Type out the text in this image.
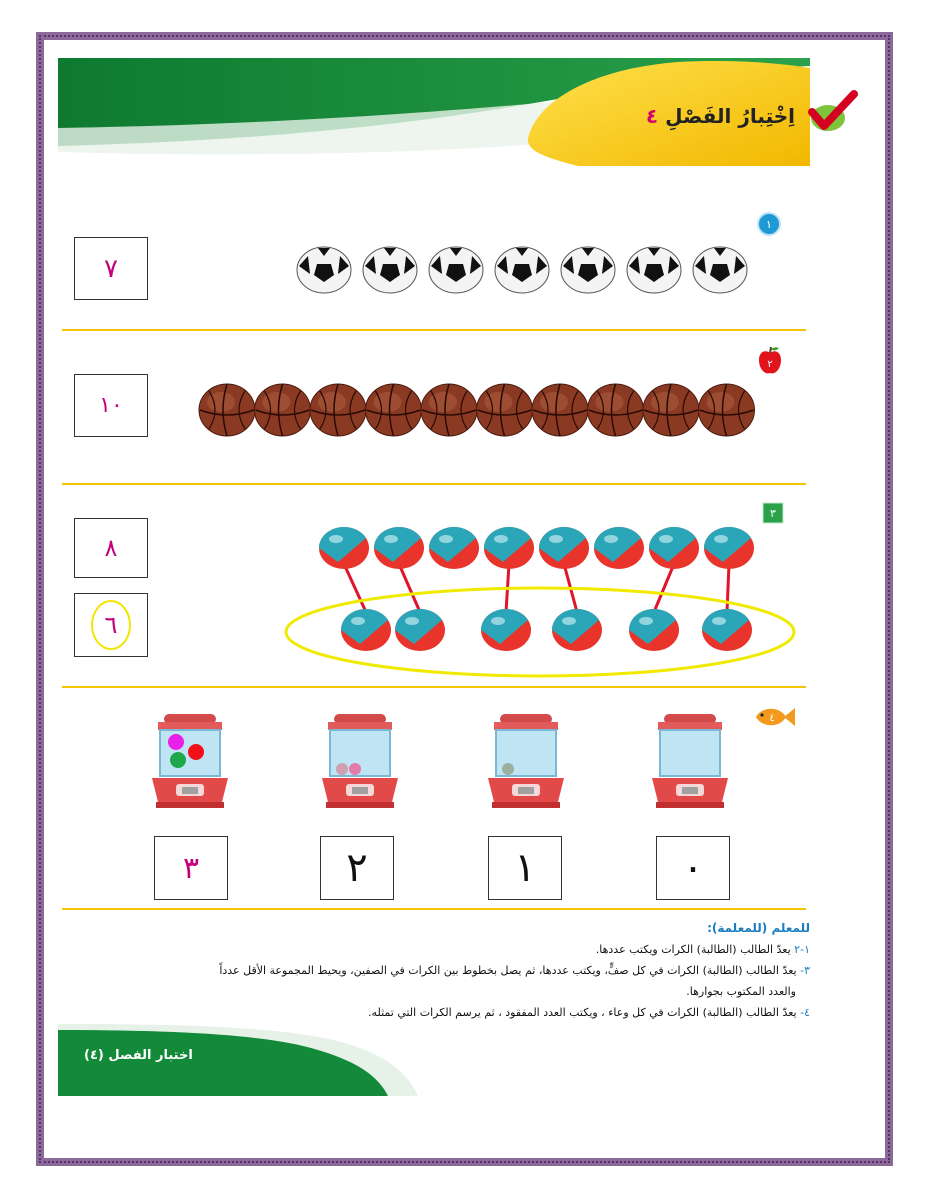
اِخْتِبارُ الفَصْلِ ٤
١
٧
٢
١٠
٣
٨
٦
٤
٣	٢	١	٠
للمعلم (للمعلمة):
١-٢ يعدّ الطالب (الطالبة) الكرات ويكتب عددها.
٣- يعدّ الطالب (الطالبة) الكرات في كل صفٍّ، ويكتب عددها، ثم يصل بخطوط بين الكرات في الصفين، ويحيط المجموعة الأقل عدداً
والعدد المكتوب بجوارها.
٤- يعدّ الطالب (الطالبة) الكرات في كل وعاء ، ويكتب العدد المفقود ، ثم يرسم الكرات التي تمثله.
اختبار الفصل (٤)
